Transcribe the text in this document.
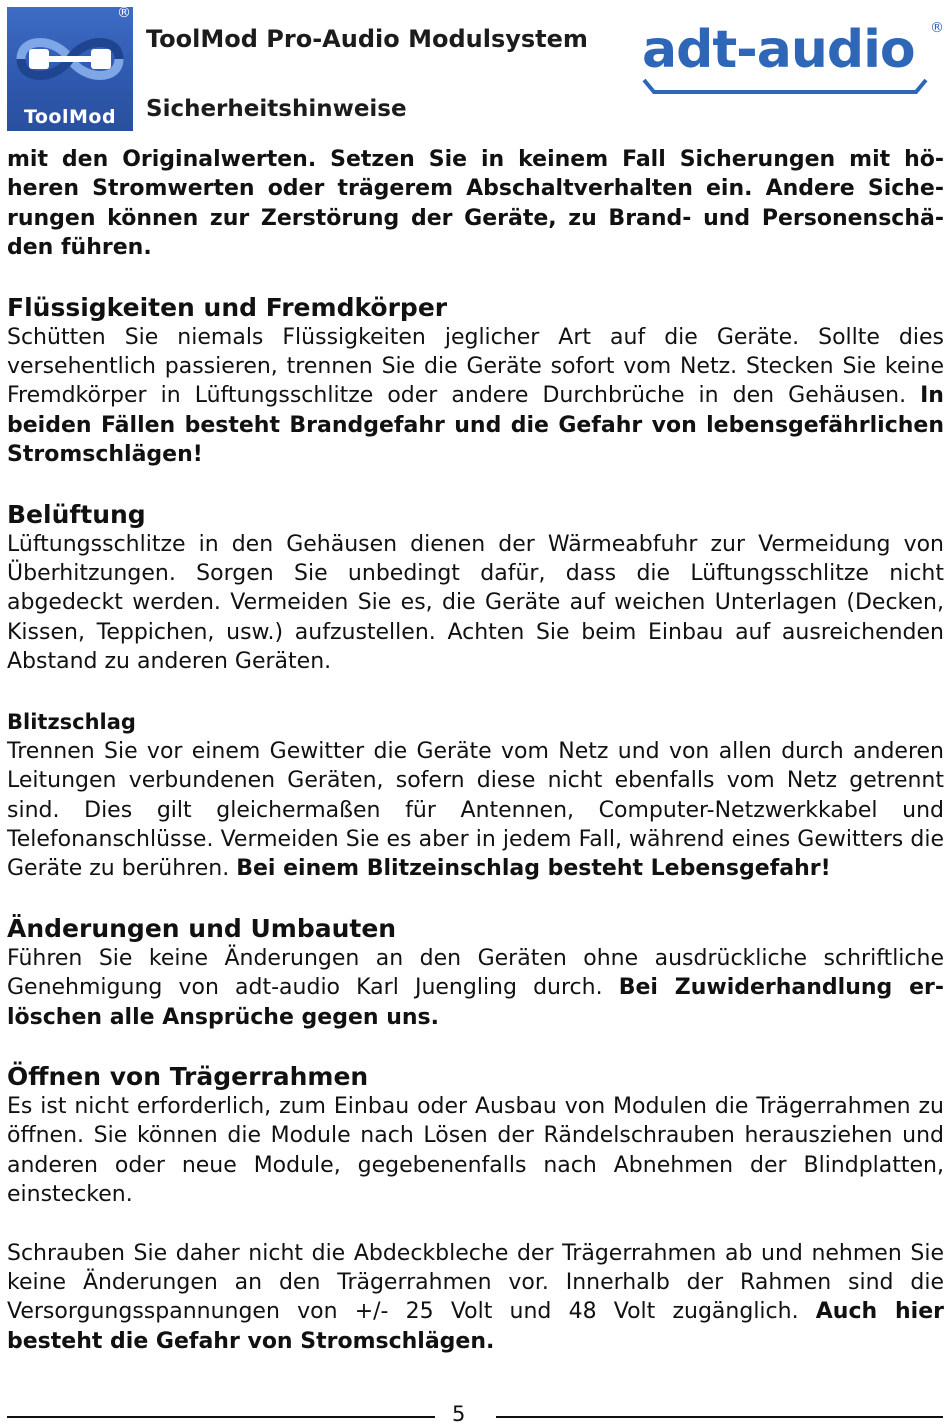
®
ToolMod
ToolMod Pro-Audio Modulsystem
Sicherheitshinweise
adt-audio ®

mit den Originalwerten. Setzen Sie in keinem Fall Sicherungen mit höheren Stromwerten oder trägerem Abschaltverhalten ein. Andere Sicherungen können zur Zerstörung der Geräte, zu Brand- und Personenschäden führen.

Flüssigkeiten und Fremdkörper

Schütten Sie niemals Flüssigkeiten jeglicher Art auf die Geräte. Sollte dies versehentlich passieren, trennen Sie die Geräte sofort vom Netz. Stecken Sie keine Fremdkörper in Lüftungsschlitze oder andere Durchbrüche in den Gehäusen. In beiden Fällen besteht Brandgefahr und die Gefahr von lebensgefährlichen Stromschlägen!

Belüftung

Lüftungsschlitze in den Gehäusen dienen der Wärmeabfuhr zur Vermeidung von Überhitzungen. Sorgen Sie unbedingt dafür, dass die Lüftungsschlitze nicht abgedeckt werden. Vermeiden Sie es, die Geräte auf weichen Unterlagen (Decken, Kissen, Teppichen, usw.) aufzustellen. Achten Sie beim Einbau auf ausreichenden Abstand zu anderen Geräten.

Blitzschlag

Trennen Sie vor einem Gewitter die Geräte vom Netz und von allen durch anderen Leitungen verbundenen Geräten, sofern diese nicht ebenfalls vom Netz getrennt sind. Dies gilt gleichermaßen für Antennen, Computer-Netzwerkkabel und Telefonanschlüsse. Vermeiden Sie es aber in jedem Fall, während eines Gewitters die Geräte zu berühren. Bei einem Blitzeinschlag besteht Lebensgefahr!

Änderungen und Umbauten

Führen Sie keine Änderungen an den Geräten ohne ausdrückliche schriftliche Genehmigung von adt-audio Karl Juengling durch. Bei Zuwiderhandlung erlöschen alle Ansprüche gegen uns.

Öffnen von Trägerrahmen

Es ist nicht erforderlich, zum Einbau oder Ausbau von Modulen die Trägerrahmen zu öffnen. Sie können die Module nach Lösen der Rändelschrauben herausziehen und anderen oder neue Module, gegebenenfalls nach Abnehmen der Blindplatten, einstecken.

Schrauben Sie daher nicht die Abdeckbleche der Trägerrahmen ab und nehmen Sie keine Änderungen an den Trägerrahmen vor. Innerhalb der Rahmen sind die Versorgungsspannungen von +/- 25 Volt und 48 Volt zugänglich. Auch hier besteht die Gefahr von Stromschlägen.

5
